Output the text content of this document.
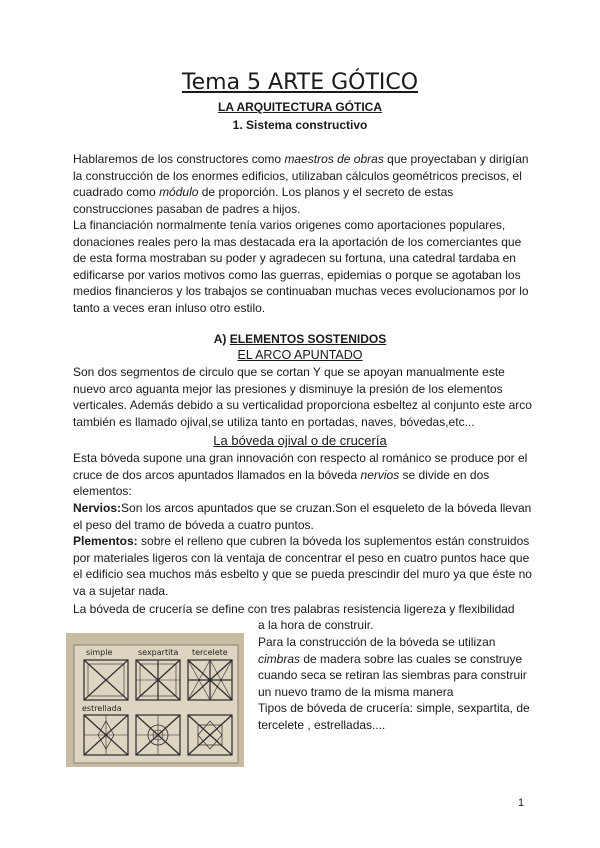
Tema 5 ARTE GÓTICO
LA ARQUITECTURA GÓTICA
1. Sistema constructivo

Hablaremos de los constructores como maestros de obras que proyectaban y dirigían la construcción de los enormes edificios, utilizaban cálculos geométricos precisos, el cuadrado como módulo de proporción. Los planos y el secreto de estas construcciones pasaban de padres a hijos.

La financiación normalmente tenía varios origenes como aportaciones populares, donaciones reales pero la mas destacada era la aportación de los comerciantes que de esta forma mostraban su poder y agradecen su fortuna, una catedral tardaba en edificarse por varios motivos como las guerras, epidemias o porque se agotaban los medios financieros y los trabajos se continuaban muchas veces evolucionamos por lo tanto a veces eran inluso otro estilo.

A) ELEMENTOS SOSTENIDOS
EL ARCO APUNTADO

Son dos segmentos de circulo que se cortan Y que se apoyan manualmente este nuevo arco aguanta mejor las presiones y disminuye la presión de los elementos verticales. Además debido a su verticalidad proporciona esbeltez al conjunto este arco también es llamado ojival,se utiliza tanto en portadas, naves, bóvedas,etc...

La bóveda ojival o de crucería

Esta bóveda supone una gran innovación con respecto al románico se produce por el cruce de dos arcos apuntados llamados en la bóveda nervios se divide en dos elementos:

Nervios:Son los arcos apuntados que se cruzan.Son el esqueleto de la bóveda llevan el peso del tramo de bóveda a cuatro puntos.

Plementos: sobre el relleno que cubren la bóveda los suplementos están construidos por materiales ligeros con la ventaja de concentrar el peso en cuatro puntos hace que el edificio sea muchos más esbelto y que se pueda prescindir del muro ya que éste no va a sujetar nada.

La bóveda de crucería se define con tres palabras resistencia ligereza y flexibilidad
a la hora de construir.
simple	sexpartita tercelete
estrellada

Para la construcción de la bóveda se utilizan cimbras de madera sobre las cuales se construye cuando seca se retiran las siembras para construir un nuevo tramo de la misma manera

Tipos de bóveda de crucería: simple, sexpartita, de tercelete , estrelladas....

1
